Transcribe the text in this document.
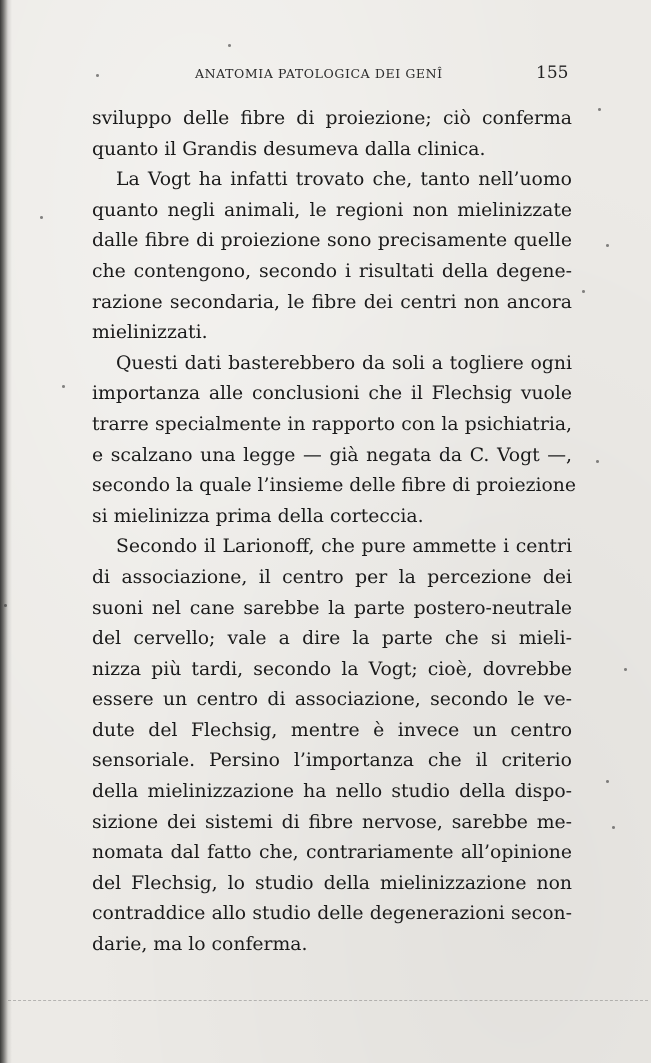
ANATOMIA PATOLOGICA DEI GENÎ	155
sviluppo delle fibre di proiezione; ciò conferma
quanto il Grandis desumeva dalla clinica.
La Vogt ha infatti trovato che, tanto nell’uomo
quanto negli animali, le regioni non mielinizzate
dalle fibre di proiezione sono precisamente quelle
che contengono, secondo i risultati della degene-
razione secondaria, le fibre dei centri non ancora
mielinizzati.
Questi dati basterebbero da soli a togliere ogni
importanza alle conclusioni che il Flechsig vuole
trarre specialmente in rapporto con la psichiatria,
e scalzano una legge — già negata da C. Vogt —,
secondo la quale l’insieme delle fibre di proiezione
si mielinizza prima della corteccia.
Secondo il Larionoff, che pure ammette i centri
di associazione, il centro per la percezione dei
suoni nel cane sarebbe la parte postero-neutrale
del cervello; vale a dire la parte che si mieli-
nizza più tardi, secondo la Vogt; cioè, dovrebbe
essere un centro di associazione, secondo le ve-
dute del Flechsig, mentre è invece un centro
sensoriale. Persino l’importanza che il criterio
della mielinizzazione ha nello studio della dispo-
sizione dei sistemi di fibre nervose, sarebbe me-
nomata dal fatto che, contrariamente all’opinione
del Flechsig, lo studio della mielinizzazione non
contraddice allo studio delle degenerazioni secon-
darie, ma lo conferma.
